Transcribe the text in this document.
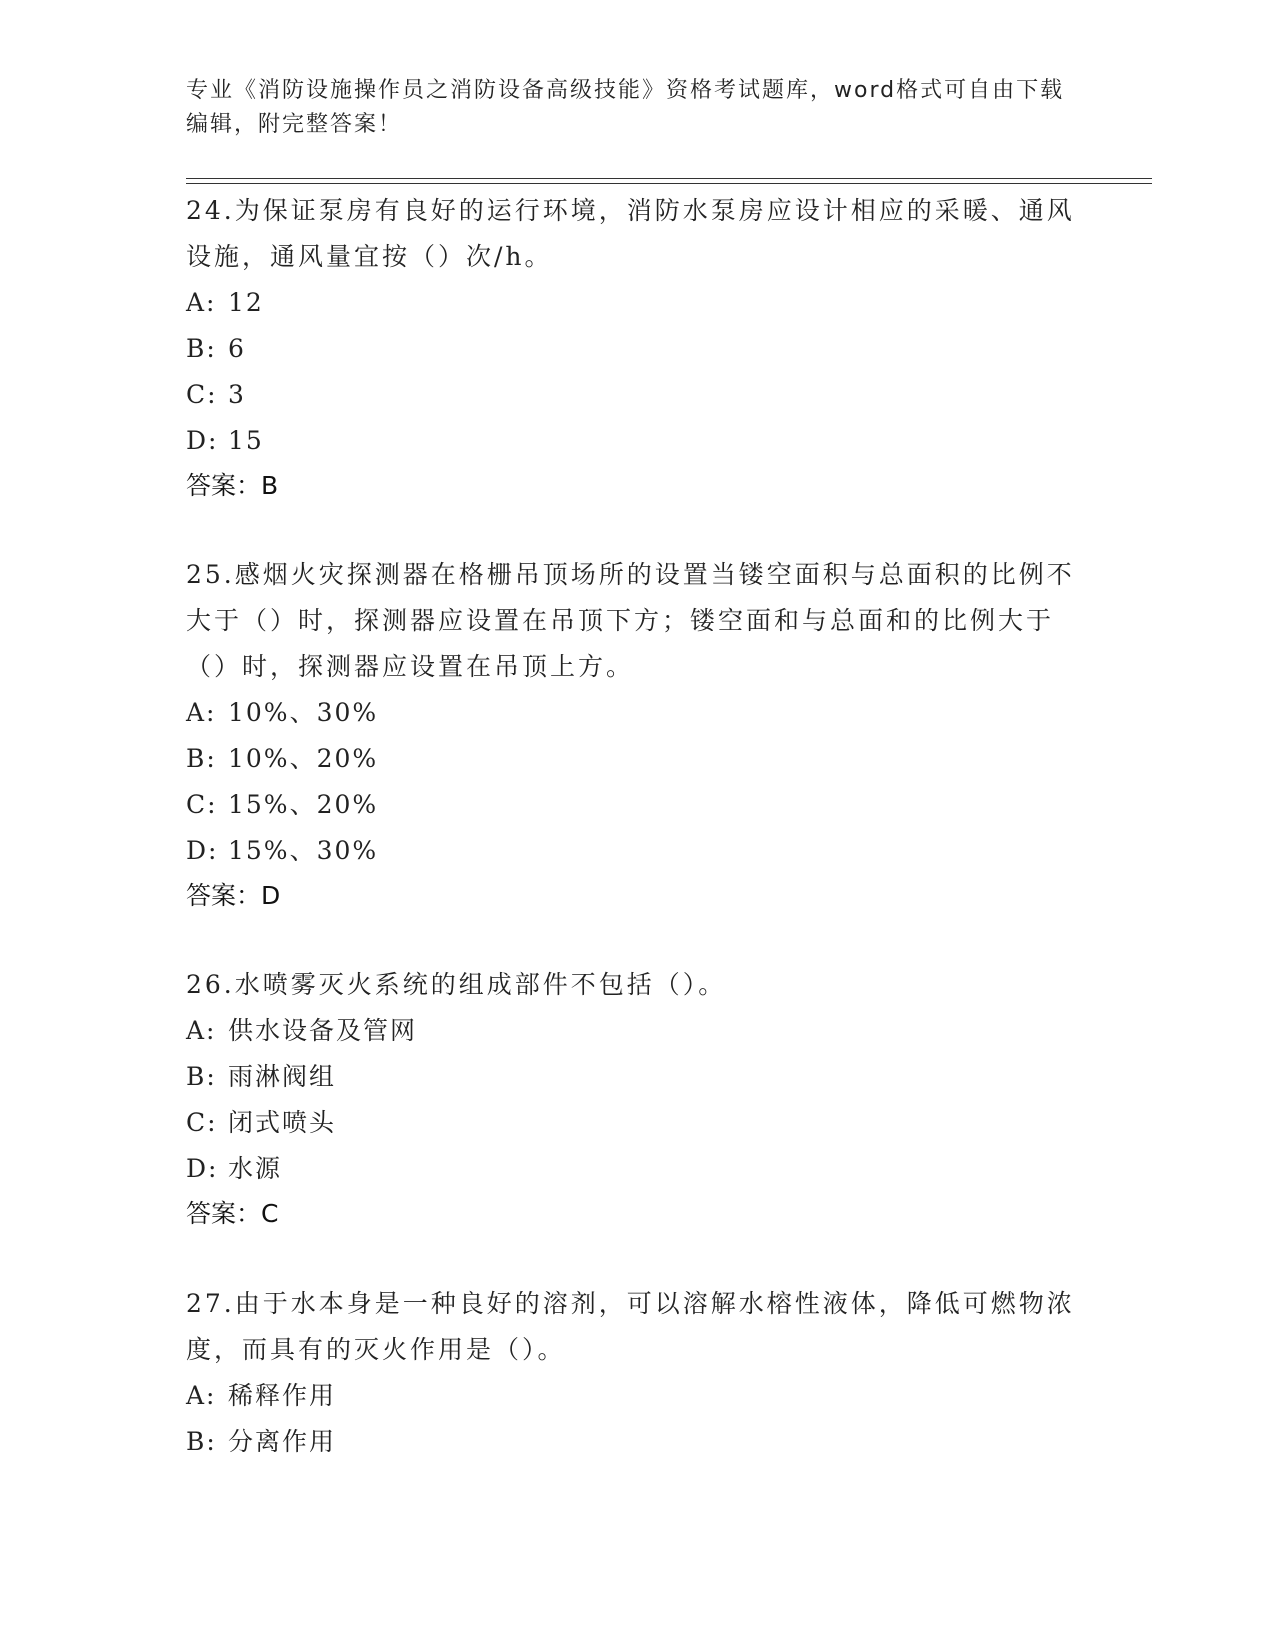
专业《消防设施操作员之消防设备高级技能》资格考试题库，word格式可自由下载编辑，附完整答案！

24.为保证泵房有良好的运行环境，消防水泵房应设计相应的采暖、通风设施，通风量宜按（）次/h。

A: 12
B: 6
C: 3
D: 15
答案：B

25.感烟火灾探测器在格栅吊顶场所的设置当镂空面积与总面积的比例不大于（）时，探测器应设置在吊顶下方；镂空面和与总面和的比例大于（）时，探测器应设置在吊顶上方。

A: 10%、30%
B: 10%、20%
C: 15%、20%
D: 15%、30%
答案：D

26.水喷雾灭火系统的组成部件不包括（）。

A: 供水设备及管网
B: 雨淋阀组
C: 闭式喷头
D: 水源
答案：C

27.由于水本身是一种良好的溶剂，可以溶解水榕性液体，降低可燃物浓度，而具有的灭火作用是（）。

A: 稀释作用
B: 分离作用
